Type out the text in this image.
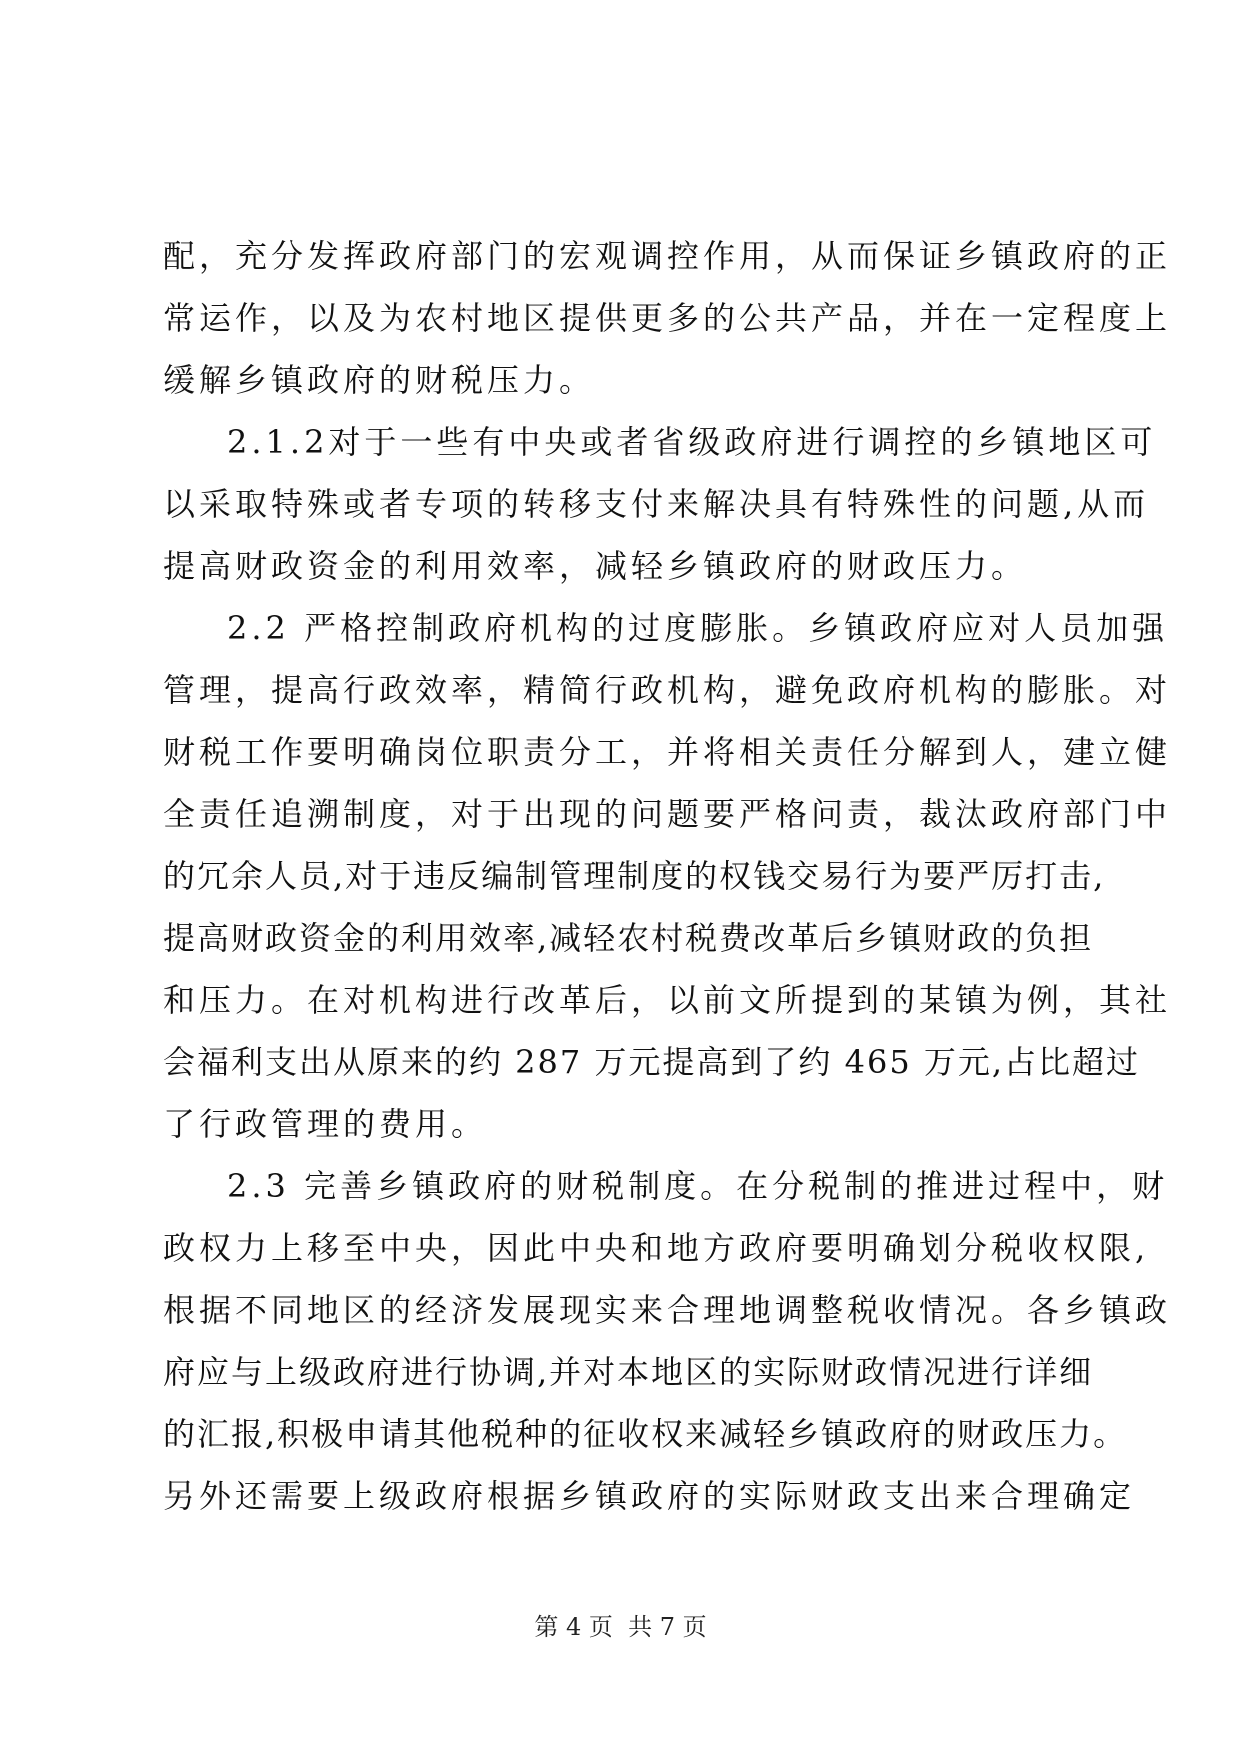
配，充分发挥政府部门的宏观调控作用，从而保证乡镇政府的正
常运作，以及为农村地区提供更多的公共产品，并在一定程度上
缓解乡镇政府的财税压力。
2.1.2对于一些有中央或者省级政府进行调控的乡镇地区可
以采取特殊或者专项的转移支付来解决具有特殊性的问题,从而
提高财政资金的利用效率，减轻乡镇政府的财政压力。
2.2 严格控制政府机构的过度膨胀。乡镇政府应对人员加强
管理，提高行政效率，精简行政机构，避免政府机构的膨胀。对
财税工作要明确岗位职责分工，并将相关责任分解到人，建立健
全责任追溯制度，对于出现的问题要严格问责，裁汰政府部门中
的冗余人员,对于违反编制管理制度的权钱交易行为要严厉打击,
提高财政资金的利用效率,减轻农村税费改革后乡镇财政的负担
和压力。在对机构进行改革后，以前文所提到的某镇为例，其社
会福利支出从原来的约 287 万元提高到了约 465 万元,占比超过
了行政管理的费用。
2.3 完善乡镇政府的财税制度。在分税制的推进过程中，财
政权力上移至中央，因此中央和地方政府要明确划分税收权限,
根据不同地区的经济发展现实来合理地调整税收情况。各乡镇政
府应与上级政府进行协调,并对本地区的实际财政情况进行详细
的汇报,积极申请其他税种的征收权来减轻乡镇政府的财政压力。
另外还需要上级政府根据乡镇政府的实际财政支出来合理确定
第 4 页  共 7 页
